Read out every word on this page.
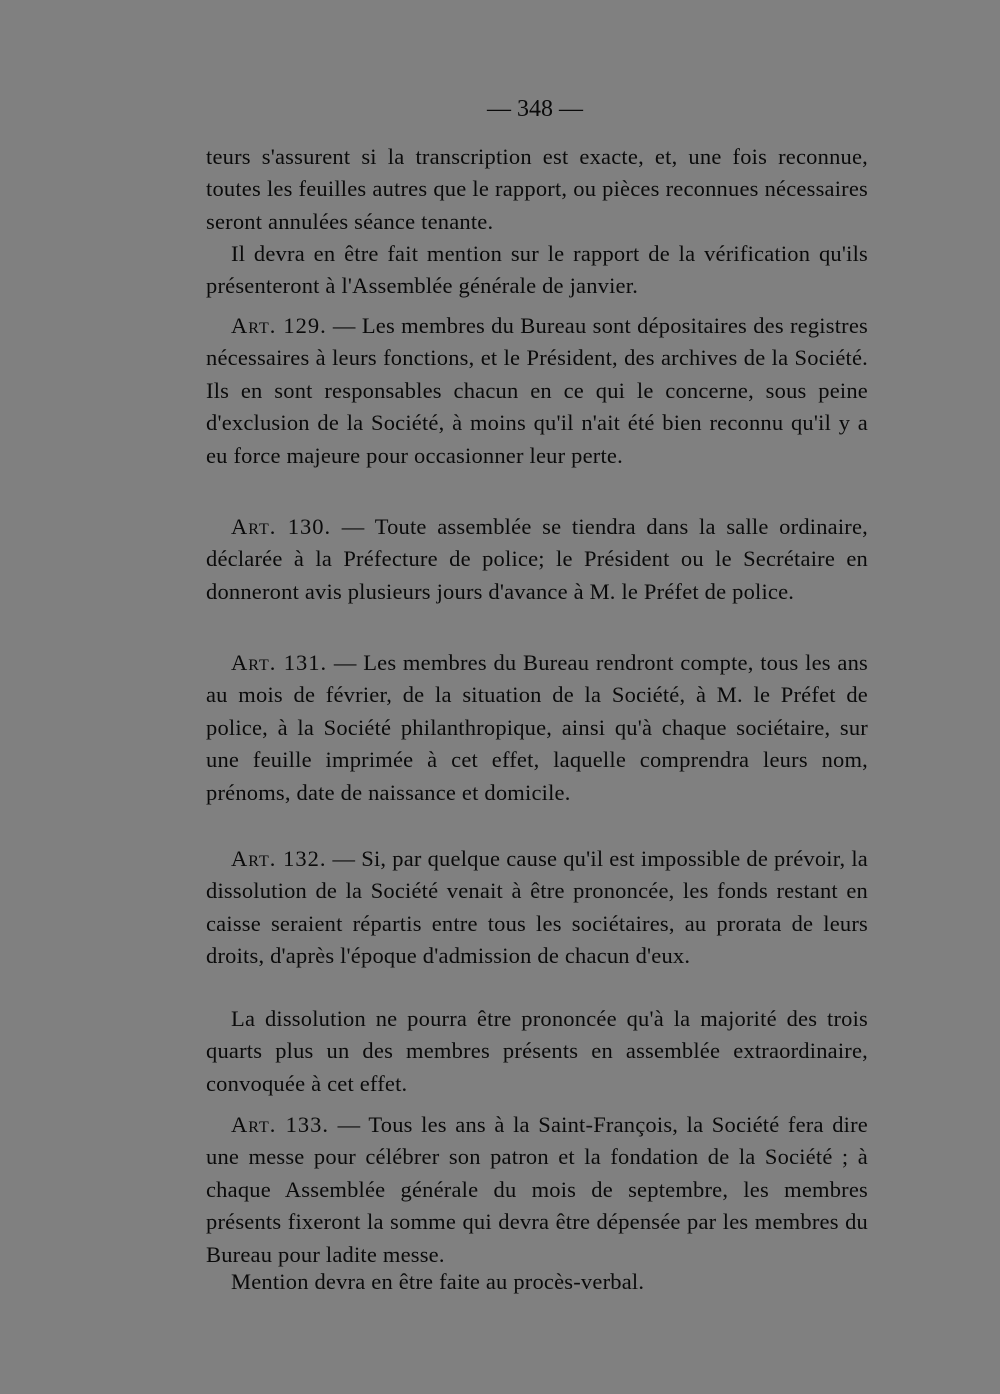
— 348 —

teurs s'assurent si la transcription est exacte, et, une fois reconnue, toutes les feuilles autres que le rapport, ou pièces reconnues nécessaires seront annulées séance tenante.

Il devra en être fait mention sur le rapport de la vérification qu'ils présenteront à l'Assemblée générale de janvier.

Art. 129. — Les membres du Bureau sont dépositaires des registres nécessaires à leurs fonctions, et le Président, des archives de la Société. Ils en sont responsables chacun en ce qui le concerne, sous peine d'exclusion de la Société, à moins qu'il n'ait été bien reconnu qu'il y a eu force majeure pour occasionner leur perte.

Art. 130. — Toute assemblée se tiendra dans la salle ordinaire, déclarée à la Préfecture de police; le Président ou le Secrétaire en donneront avis plusieurs jours d'avance à M. le Préfet de police.

Art. 131. — Les membres du Bureau rendront compte, tous les ans au mois de février, de la situation de la Société, à M. le Préfet de police, à la Société philanthropique, ainsi qu'à chaque sociétaire, sur une feuille imprimée à cet effet, laquelle comprendra leurs nom, prénoms, date de naissance et domicile.

Art. 132. — Si, par quelque cause qu'il est impossible de prévoir, la dissolution de la Société venait à être prononcée, les fonds restant en caisse seraient répartis entre tous les sociétaires, au prorata de leurs droits, d'après l'époque d'admission de chacun d'eux.

La dissolution ne pourra être prononcée qu'à la majorité des trois quarts plus un des membres présents en assemblée extraordinaire, convoquée à cet effet.

Art. 133. — Tous les ans à la Saint-François, la Société fera dire une messe pour célébrer son patron et la fondation de la Société ; à chaque Assemblée générale du mois de septembre, les membres présents fixeront la somme qui devra être dépensée par les membres du Bureau pour ladite messe.

Mention devra en être faite au procès-verbal.
